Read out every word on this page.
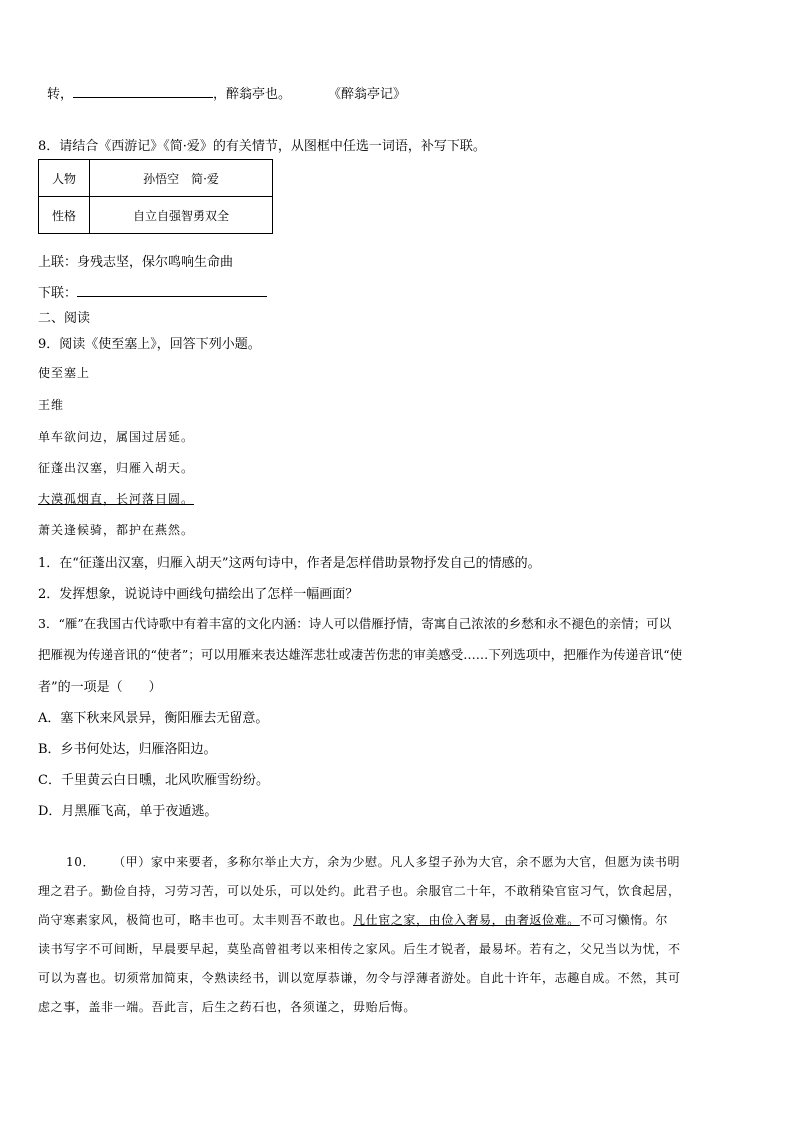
转，	，醉翁亭也。	《醉翁亭记》
8．请结合《西游记》《简·爱》的有关情节，从图框中任选一词语，补写下联。
人物	孙悟空　简·爱
性格	自立自强智勇双全
上联：身残志坚，保尔鸣响生命曲
下联：
二、阅读
9．阅读《使至塞上》，回答下列小题。
使至塞上
王维
单车欲问边，属国过居延。
征蓬出汉塞，归雁入胡天。
大漠孤烟直，长河落日圆。
萧关逢候骑，都护在燕然。
1．在“征蓬出汉塞，归雁入胡天”这两句诗中，作者是怎样借助景物抒发自己的情感的。
2．发挥想象，说说诗中画线句描绘出了怎样一幅画面？
3．“雁”在我国古代诗歌中有着丰富的文化内涵：诗人可以借雁抒情，寄寓自己浓浓的乡愁和永不褪色的亲情；可以
把雁视为传递音讯的“使者”；可以用雁来表达雄浑悲壮或凄苦伤悲的审美感受……下列选项中，把雁作为传递音讯“使
者”的一项是（　　）
A．塞下秋来风景异，衡阳雁去无留意。
B．乡书何处达，归雁洛阳边。
C．千里黄云白日曛，北风吹雁雪纷纷。
D．月黑雁飞高，单于夜遁逃。
10． （甲）家中来要者，多称尔举止大方，余为少慰。凡人多望子孙为大官，余不愿为大官，但愿为读书明
理之君子。勤俭自持，习劳习苦，可以处乐，可以处约。此君子也。余服官二十年，不敢稍染官宦习气，饮食起居，
尚守寒素家风，极简也可，略丰也可。太丰则吾不敢也。凡仕宦之家，由俭入奢易，由奢返俭难。不可习懒惰。尔
读书写字不可间断，早晨要早起，莫坠高曾祖考以来相传之家风。后生才锐者，最易坏。若有之，父兄当以为忧，不
可以为喜也。切须常加简束，令熟读经书，训以宽厚恭谦，勿令与浮薄者游处。自此十许年，志趣自成。不然，其可
虑之事，盖非一端。吾此言，后生之药石也，各须谨之，毋贻后悔。
